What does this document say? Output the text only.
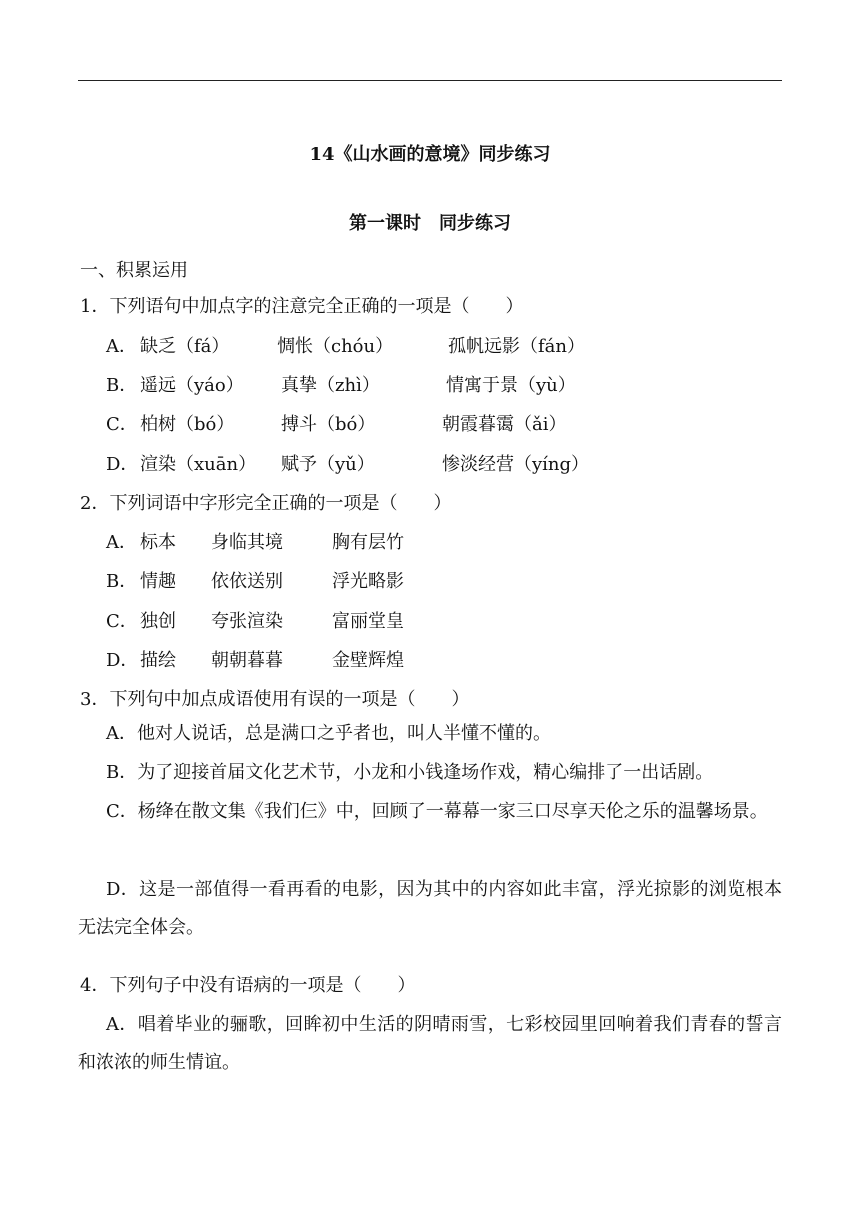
14《山水画的意境》同步练习
第一课时　同步练习
一、积累运用
1．下列语句中加点字的注意完全正确的一项是（　　）
A． 缺乏（fá）	惆怅（chóu）	孤帆远影（fán）
B． 遥远（yáo） 真挚（zhì）	情寓于景（yù）
C． 柏树（bó）	搏斗（bó）	朝霞暮霭（ǎi）
D． 渲染（xuān） 赋予（yǔ）	惨淡经营（yíng）
2．下列词语中字形完全正确的一项是（　　）
A． 标本 身临其境	胸有层竹
B． 情趣 依依送别	浮光略影
C． 独创 夸张渲染	富丽堂皇
D． 描绘 朝朝暮暮	金壁辉煌
3．下列句中加点成语使用有误的一项是（　　）
A．他对人说话，总是满口之乎者也，叫人半懂不懂的。
B．为了迎接首届文化艺术节，小龙和小钱逢场作戏，精心编排了一出话剧。
C．杨绛在散文集《我们仨》中，回顾了一幕幕一家三口尽享天伦之乐的温馨场景。
D．这是一部值得一看再看的电影，因为其中的内容如此丰富，浮光掠影的浏览根本无法完全体会。
4．下列句子中没有语病的一项是（　　）
A．唱着毕业的骊歌，回眸初中生活的阴晴雨雪，七彩校园里回响着我们青春的誓言和浓浓的师生情谊。
